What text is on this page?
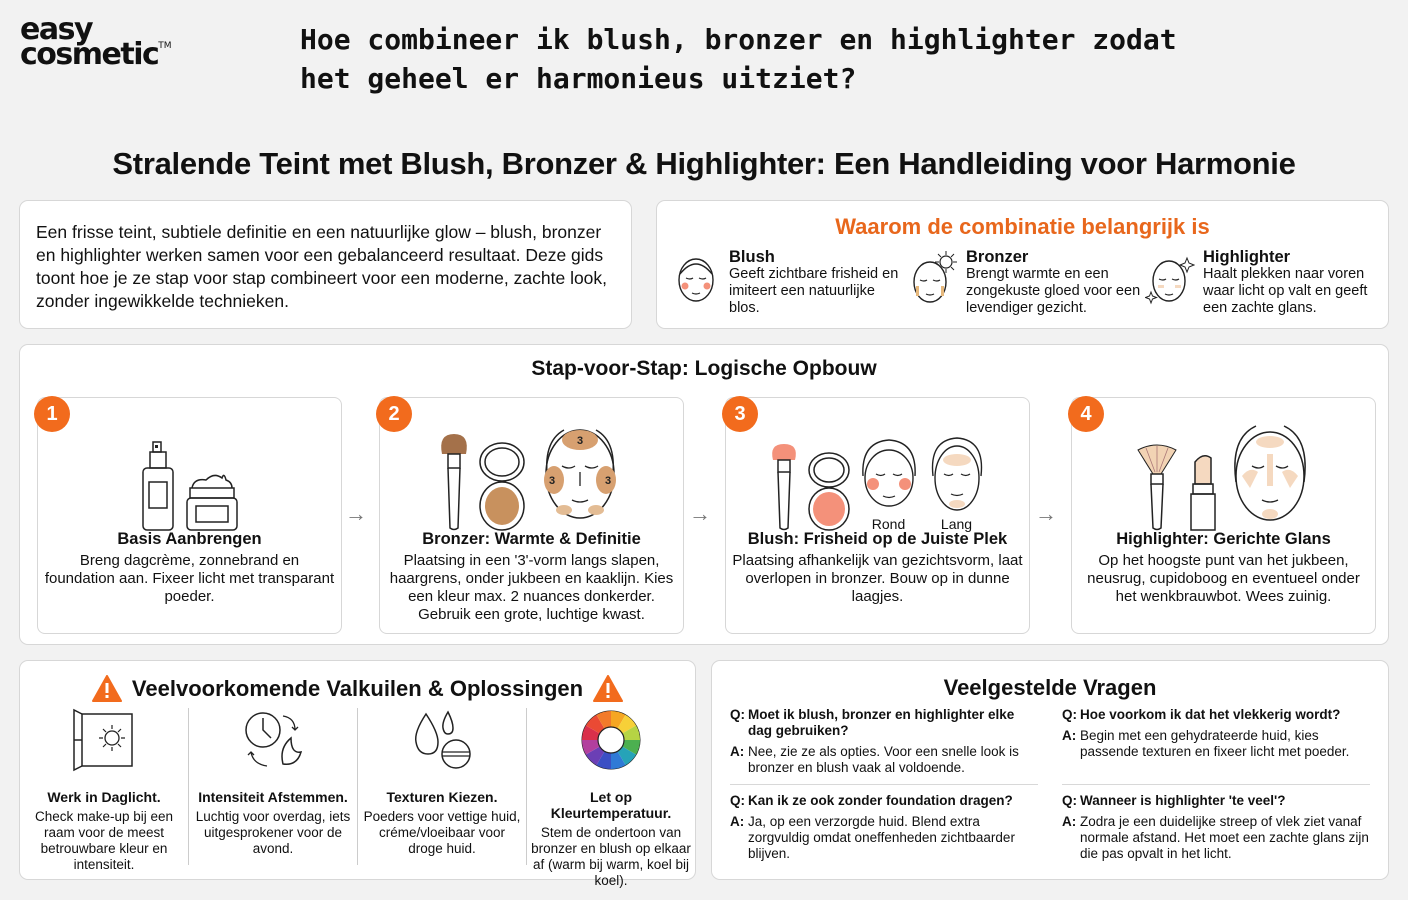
easy
cosmetic™	Hoe combineer ik blush, bronzer en highlighter zodat het geheel er harmonieus uitziet?
Stralende Teint met Blush, Bronzer & Highlighter: Een Handleiding voor Harmonie

Een frisse teint, subtiele definitie en een natuurlijke glow – blush, bronzer en highlighter werken samen voor een gebalanceerd resultaat. Deze gids toont hoe je ze stap voor stap combineert voor een moderne, zachte look, zonder ingewikkelde technieken.

Waarom de combinatie belangrijk is
Blush
Geeft zichtbare frisheid en imiteert een natuurlijke blos.
Bronzer
Brengt warmte en een zongekuste gloed voor een levendiger gezicht.
Highlighter
Haalt plekken naar voren waar licht op valt en geeft een zachte glans.
Stap-voor-Stap: Logische Opbouw
1
Basis Aanbrengen
Breng dagcrème, zonnebrand en foundation aan. Fixeer licht met transparant poeder.
→
2
3
3	3
Bronzer: Warmte & Definitie
Plaatsing in een '3'-vorm langs slapen, haargrens, onder jukbeen en kaaklijn. Kies een kleur max. 2 nuances donkerder. Gebruik een grote, luchtige kwast.
→
3
Rond	Lang
Blush: Frisheid op de Juiste Plek
Plaatsing afhankelijk van gezichtsvorm, laat overlopen in bronzer. Bouw op in dunne laagjes.
→
4
Highlighter: Gerichte Glans
Op het hoogste punt van het jukbeen, neusrug, cupidoboog en eventueel onder het wenkbrauwbot. Wees zuinig.
Veelvoorkomende Valkuilen & Oplossingen
Werk in Daglicht.
Check make-up bij een raam voor de meest betrouwbare kleur en intensiteit.
Intensiteit Afstemmen.
Luchtig voor overdag, iets uitgesprokener voor de avond.
Texturen Kiezen.
Poeders voor vettige huid, créme/vloeibaar voor droge huid.
Let op Kleurtemperatuur.
Stem de ondertoon van bronzer en blush op elkaar af (warm bij warm, koel bij koel).
Veelgestelde Vragen
Q: Moet ik blush, bronzer en highlighter elke dag gebruiken?
A: Nee, zie ze als opties. Voor een snelle look is bronzer en blush vaak al voldoende.
Q: Hoe voorkom ik dat het vlekkerig wordt?
A: Begin met een gehydrateerde huid, kies passende texturen en fixeer licht met poeder.
Q: Kan ik ze ook zonder foundation dragen?
A: Ja, op een verzorgde huid. Blend extra zorgvuldig omdat oneffenheden zichtbaarder blijven.
Q: Wanneer is highlighter 'te veel'?
A: Zodra je een duidelijke streep of vlek ziet vanaf normale afstand. Het moet een zachte glans zijn die pas opvalt in het licht.
